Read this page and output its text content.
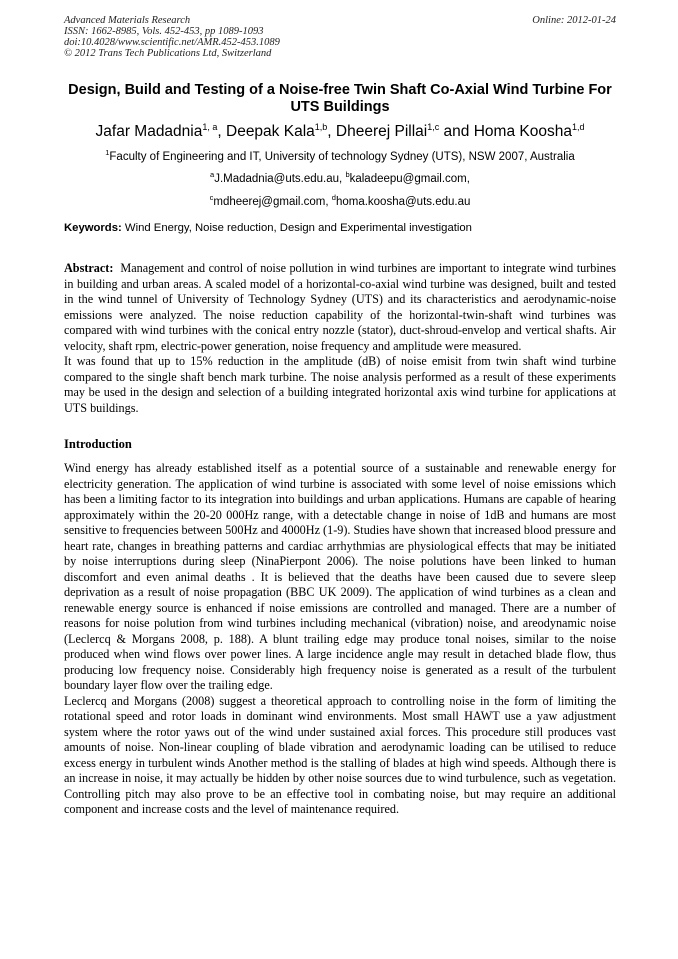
Advanced Materials Research
ISSN: 1662-8985, Vols. 452-453, pp 1089-1093
doi:10.4028/www.scientific.net/AMR.452-453.1089
© 2012 Trans Tech Publications Ltd, Switzerland
Online: 2012-01-24
Design, Build and Testing of a Noise-free Twin Shaft Co-Axial Wind Turbine For UTS Buildings
Jafar Madadnia$^{1, a}$, Deepak Kala$^{1,b}$, Dheerej Pillai$^{1,c}$ and Homa Koosha$^{1,d}$
$^1$Faculty of Engineering and IT, University of technology Sydney (UTS), NSW 2007, Australia
$^a$J.Madadnia@uts.edu.au, $^b$kaladeepu@gmail.com,
$^c$mdheerej@gmail.com, $^d$homa.koosha@uts.edu.au
Keywords: Wind Energy, Noise reduction, Design and Experimental investigation

Abstract: Management and control of noise pollution in wind turbines are important to integrate wind turbines in building and urban areas. A scaled model of a horizontal-co-axial wind turbine was designed, built and tested in the wind tunnel of University of Technology Sydney (UTS) and its characteristics and aerodynamic-noise emissions were analyzed. The noise reduction capability of the horizontal-twin-shaft wind turbines was compared with wind turbines with the conical entry nozzle (stator), duct-shroud-envelop and vertical shafts. Air velocity, shaft rpm, electric-power generation, noise frequency and amplitude were measured.

It was found that up to 15% reduction in the amplitude (dB) of noise emisit from twin shaft wind turbine compared to the single shaft bench mark turbine. The noise analysis performed as a result of these experiments may be used in the design and selection of a building integrated horizontal axis wind turbine for applications at UTS buildings.

Introduction

Wind energy has already established itself as a potential source of a sustainable and renewable energy for electricity generation. The application of wind turbine is associated with some level of noise emissions which has been a limiting factor to its integration into buildings and urban applications. Humans are capable of hearing approximately within the 20-20 000Hz range, with a detectable change in noise of 1dB and humans are most sensitive to frequencies between 500Hz and 4000Hz (1-9). Studies have shown that increased blood pressure and heart rate, changes in breathing patterns and cardiac arrhythmias are physiological effects that may be initiated by noise interruptions during sleep (NinaPierpont 2006). The noise polutions have been linked to human discomfort and even animal deaths . It is believed that the deaths have been caused due to severe sleep deprivation as a result of noise propagation (BBC UK 2009). The application of wind turbines as a clean and renewable energy source is enhanced if noise emissions are controlled and managed. There are a number of reasons for noise polution from wind turbines including mechanical (vibration) noise, and areodynamic noise (Leclercq & Morgans 2008, p. 188). A blunt trailing edge may produce tonal noises, similar to the noise produced when wind flows over power lines. A large incidence angle may result in detached blade flow, thus producing low frequency noise. Considerably high frequency noise is generated as a result of the turbulent boundary layer flow over the trailing edge.

Leclercq and Morgans (2008) suggest a theoretical approach to controlling noise in the form of limiting the rotational speed and rotor loads in dominant wind environments. Most small HAWT use a yaw adjustment system where the rotor yaws out of the wind under sustained axial forces. This procedure still produces vast amounts of noise. Non-linear coupling of blade vibration and aerodynamic loading can be utilised to reduce excess energy in turbulent winds Another method is the stalling of blades at high wind speeds. Although there is an increase in noise, it may actually be hidden by other noise sources due to wind turbulence, such as vegetation. Controlling pitch may also prove to be an effective tool in combating noise, but may require an additional component and increase costs and the level of maintenance required.
